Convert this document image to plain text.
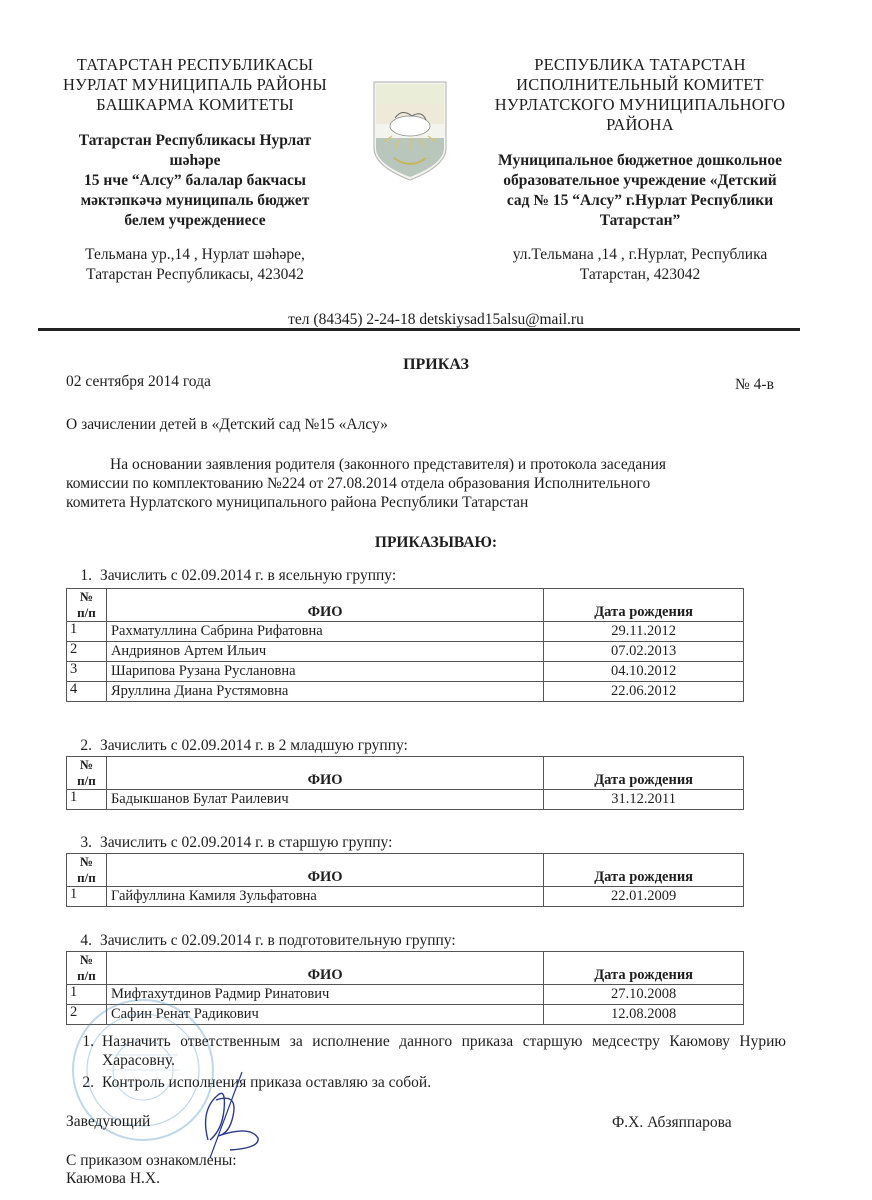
ТАТАРСТАН РЕСПУБЛИКАСЫ
НУРЛАТ МУНИЦИПАЛЬ РАЙОНЫ
БАШКАРМА КОМИТЕТЫ
Татарстан Республикасы Нурлат
шәһәре
15 нче “Алсу” балалар бакчасы
мәктәпкәчә муниципаль бюджет
белем учреждениесе
Тельмана ур.,14 , Нурлат шәһәре,
Татарстан Республикасы, 423042
РЕСПУБЛИКА ТАТАРСТАН
ИСПОЛНИТЕЛЬНЫЙ КОМИТЕТ
НУРЛАТСКОГО МУНИЦИПАЛЬНОГО
РАЙОНА
Муниципальное бюджетное дошкольное
образовательное учреждение «Детский
сад № 15 “Алсу” г.Нурлат Республики
Татарстан”
ул.Тельмана ,14 , г.Нурлат, Республика
Татарстан, 423042
тел (84345) 2-24-18 detskiysad15alsu@mail.ru
ПРИКАЗ
02 сентября 2014 года	№ 4-в
О зачислении детей в «Детский сад №15 «Алсу»
На основании заявления родителя (законного представителя) и протокола заседания
комиссии по комплектованию №224 от 27.08.2014 отдела образования Исполнительного
комитета Нурлатского муниципального района Республики Татарстан
ПРИКАЗЫВАЮ:
1. Зачислить с 02.09.2014 г. в ясельную группу:
№
п/п	ФИО	Дата рождения
1	Рахматуллина Сабрина Рифатовна	29.11.2012
2	Андриянов Артем Ильич	07.02.2013
3	Шарипова Рузана Руслановна	04.10.2012
4	Яруллина Диана Рустямовна	22.06.2012
2. Зачислить с 02.09.2014 г. в 2 младшую группу:
№
п/п	ФИО	Дата рождения
1	Бадыкшанов Булат Раилевич	31.12.2011
3. Зачислить с 02.09.2014 г. в старшую группу:
№
п/п	ФИО	Дата рождения
1	Гайфуллина Камиля Зульфатовна	22.01.2009
4. Зачислить с 02.09.2014 г. в подготовительную группу:
№
п/п	ФИО	Дата рождения
1	Мифтахутдинов Радмир Ринатович	27.10.2008
2	Сафин Ренат Радикович	12.08.2008
1. Назначить ответственным за исполнение данного приказа старшую медсестру Каюмову Нурию Харасовну.
2. Контроль исполнения приказа оставляю за собой.
Заведующий	Ф.Х. Абзяппарова
С приказом ознакомлены:
Каюмова Н.Х.
